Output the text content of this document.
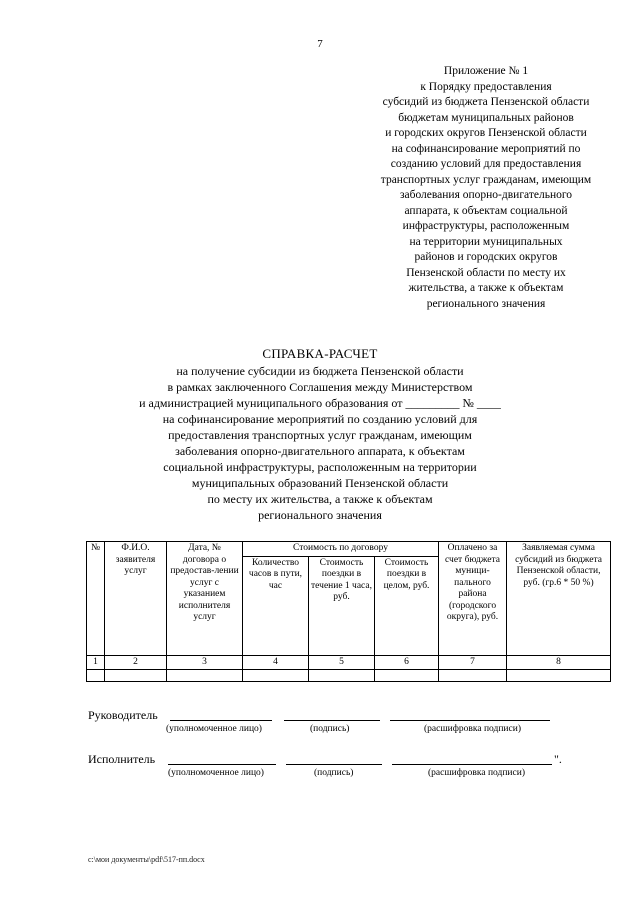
7
Приложение № 1
к Порядку предоставления
субсидий из бюджета Пензенской области
бюджетам муниципальных районов
и городских округов Пензенской области
на софинансирование мероприятий по
созданию условий для предоставления
транспортных услуг гражданам, имеющим
заболевания опорно-двигательного
аппарата, к объектам социальной
инфраструктуры, расположенным
на территории муниципальных
районов и городских округов
Пензенской области по месту их
жительства, а также к объектам
регионального значения
СПРАВКА-РАСЧЕТ
на получение субсидии из бюджета Пензенской области
в рамках заключенного Соглашения между Министерством
и администрацией муниципального образования от _________ № ____
на софинансирование мероприятий по созданию условий для
предоставления транспортных услуг гражданам, имеющим
заболевания опорно-двигательного аппарата, к объектам
социальной инфраструктуры, расположенным на территории
муниципальных образований Пензенской области
по месту их жительства, а также к объектам
регионального значения
№	Ф.И.О. заявителя услуг	Дата, № договора о предостав-лении услуг с указанием исполнителя услуг	Стоимость по договору			Оплачено за счет бюджета муници-пального района (городского округа), руб.	Заявляемая сумма субсидий из бюджета Пензенской области, руб. (гр.6 * 50 %)
			Количество часов в пути, час	Стоимость поездки в течение 1 часа, руб.	Стоимость поездки в целом, руб.		
1	2	3	4	5	6	7	8

Руководитель
(уполномоченное лицо)	(подпись)	(расшифровка подписи)
Исполнитель	".
(уполномоченное лицо)	(подпись)	(расшифровка подписи)
c:\мои документы\pdf\517-пп.docx
